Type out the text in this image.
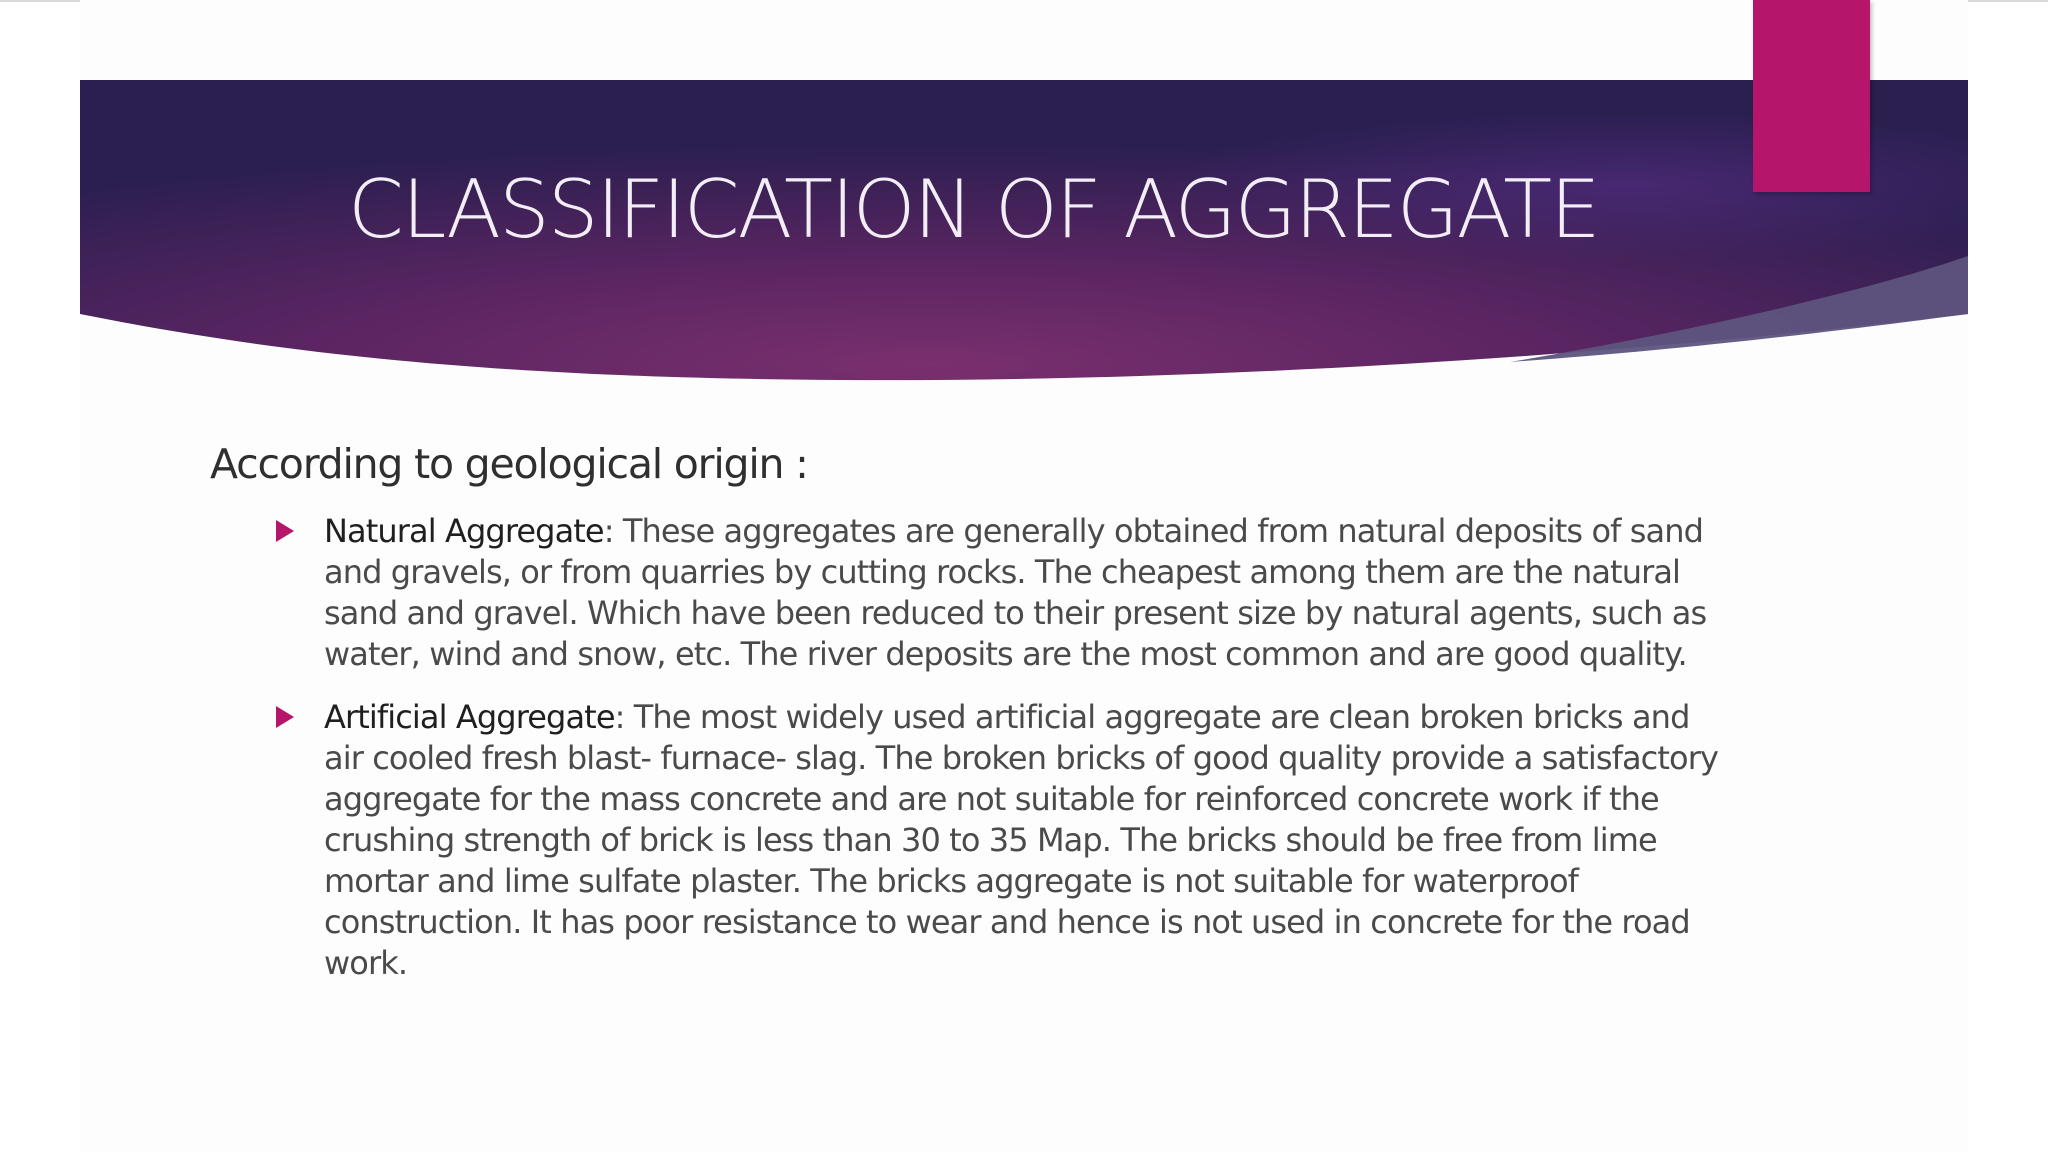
CLASSIFICATION OF AGGREGATE

According to geological origin :

Natural Aggregate: These aggregates are generally obtained from natural deposits of sand and gravels, or from quarries by cutting rocks. The cheapest among them are the natural sand and gravel. Which have been reduced to their present size by natural agents, such as water, wind and snow, etc. The river deposits are the most common and are good quality.
Artificial Aggregate: The most widely used artificial aggregate are clean broken bricks and air cooled fresh blast- furnace- slag. The broken bricks of good quality provide a satisfactory aggregate for the mass concrete and are not suitable for reinforced concrete work if the crushing strength of brick is less than 30 to 35 Map. The bricks should be free from lime mortar and lime sulfate plaster. The bricks aggregate is not suitable for waterproof construction. It has poor resistance to wear and hence is not used in concrete for the road work.
